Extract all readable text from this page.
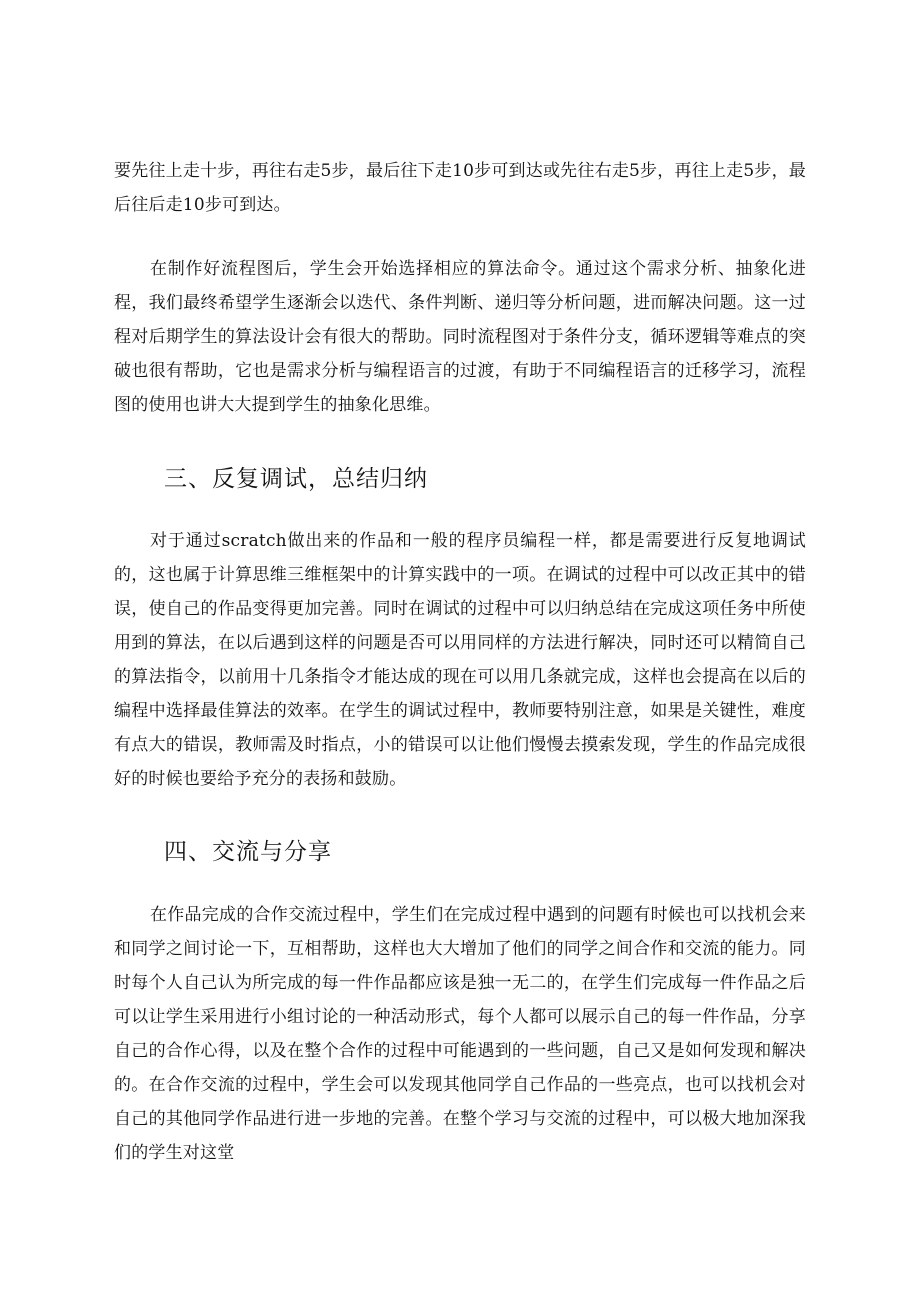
要先往上走十步，再往右走5步，最后往下走10步可到达或先往右走5步，再往上走5步，最后往后走10步可到达。

在制作好流程图后，学生会开始选择相应的算法命令。通过这个需求分析、抽象化进程，我们最终希望学生逐渐会以迭代、条件判断、递归等分析问题，进而解决问题。这一过程对后期学生的算法设计会有很大的帮助。同时流程图对于条件分支，循环逻辑等难点的突破也很有帮助，它也是需求分析与编程语言的过渡，有助于不同编程语言的迁移学习，流程图的使用也讲大大提到学生的抽象化思维。

三、反复调试，总结归纳

对于通过scratch做出来的作品和一般的程序员编程一样，都是需要进行反复地调试的，这也属于计算思维三维框架中的计算实践中的一项。在调试的过程中可以改正其中的错误，使自己的作品变得更加完善。同时在调试的过程中可以归纳总结在完成这项任务中所使用到的算法，在以后遇到这样的问题是否可以用同样的方法进行解决，同时还可以精简自己的算法指令，以前用十几条指令才能达成的现在可以用几条就完成，这样也会提高在以后的编程中选择最佳算法的效率。在学生的调试过程中，教师要特别注意，如果是关键性，难度有点大的错误，教师需及时指点，小的错误可以让他们慢慢去摸索发现，学生的作品完成很好的时候也要给予充分的表扬和鼓励。

四、交流与分享

在作品完成的合作交流过程中，学生们在完成过程中遇到的问题有时候也可以找机会来和同学之间讨论一下，互相帮助，这样也大大增加了他们的同学之间合作和交流的能力。同时每个人自己认为所完成的每一件作品都应该是独一无二的，在学生们完成每一件作品之后可以让学生采用进行小组讨论的一种活动形式，每个人都可以展示自己的每一件作品，分享自己的合作心得，以及在整个合作的过程中可能遇到的一些问题，自己又是如何发现和解决的。在合作交流的过程中，学生会可以发现其他同学自己作品的一些亮点，也可以找机会对自己的其他同学作品进行进一步地的完善。在整个学习与交流的过程中，可以极大地加深我们的学生对这堂
